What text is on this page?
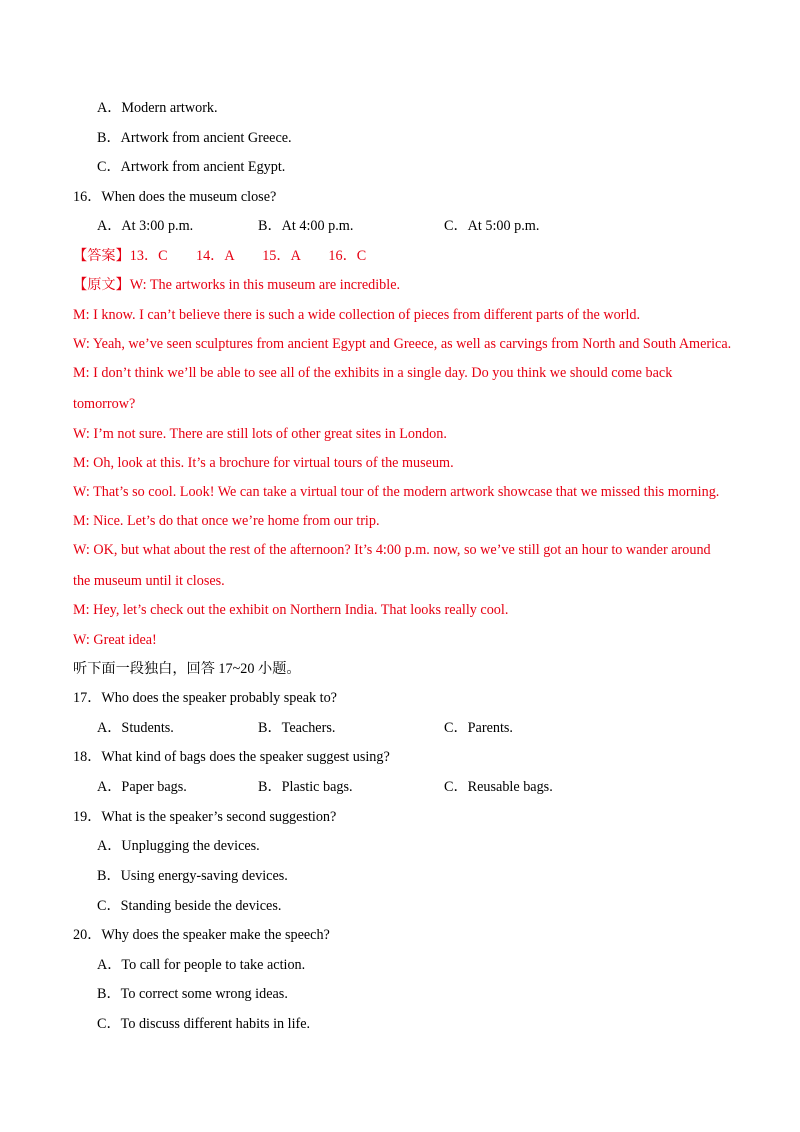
A．Modern artwork.
B．Artwork from ancient Greece.
C．Artwork from ancient Egypt.
16．When does the museum close?
A．At 3:00 p.m.	B．At 4:00 p.m.	C．At 5:00 p.m.
【答案】13．C　　14．A　　15．A　　16．C
【原文】W: The artworks in this museum are incredible.
M: I know. I can’t believe there is such a wide collection of pieces from different parts of the world.
W: Yeah, we’ve seen sculptures from ancient Egypt and Greece, as well as carvings from North and South America.
M: I don’t think we’ll be able to see all of the exhibits in a single day. Do you think we should come back
tomorrow?
W: I’m not sure. There are still lots of other great sites in London.
M: Oh, look at this. It’s a brochure for virtual tours of the museum.
W: That’s so cool. Look! We can take a virtual tour of the modern artwork showcase that we missed this morning.
M: Nice. Let’s do that once we’re home from our trip.
W: OK, but what about the rest of the afternoon? It’s 4:00 p.m. now, so we’ve still got an hour to wander around
the museum until it closes.
M: Hey, let’s check out the exhibit on Northern India. That looks really cool.
W: Great idea!
听下面一段独白，回答 17~20 小题。
17．Who does the speaker probably speak to?
A．Students.	B．Teachers.	C．Parents.
18．What kind of bags does the speaker suggest using?
A．Paper bags.	B．Plastic bags.	C．Reusable bags.
19．What is the speaker’s second suggestion?
A．Unplugging the devices.
B．Using energy-saving devices.
C．Standing beside the devices.
20．Why does the speaker make the speech?
A．To call for people to take action.
B．To correct some wrong ideas.
C．To discuss different habits in life.
